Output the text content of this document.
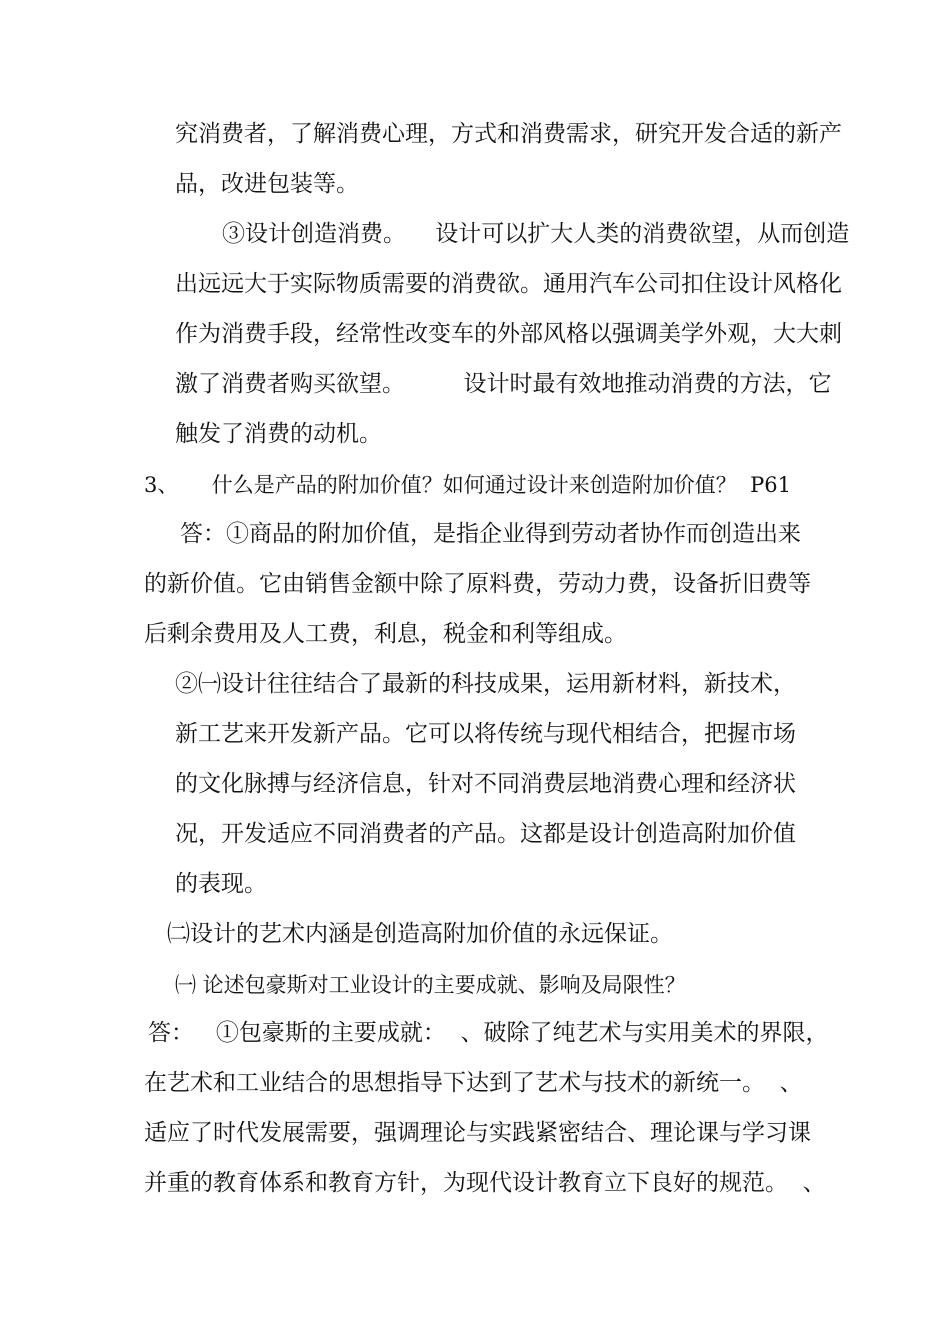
究消费者，了解消费心理，方式和消费需求，研究开发合适的新产
品，改进包装等。
③设计创造消费。    设计可以扩大人类的消费欲望，从而创造
出远远大于实际物质需要的消费欲。通用汽车公司扣住设计风格化
作为消费手段，经常性改变车的外部风格以强调美学外观，大大刺
激了消费者购买欲望。        设计时最有效地推动消费的方法，它
触发了消费的动机。
3、     什么是产品的附加价值？如何通过设计来创造附加价值？  P61
答：①商品的附加价值，是指企业得到劳动者协作而创造出来
的新价值。它由销售金额中除了原料费，劳动力费，设备折旧费等
后剩余费用及人工费，利息，税金和利等组成。
②㈠设计往往结合了最新的科技成果，运用新材料，新技术，
新工艺来开发新产品。它可以将传统与现代相结合，把握市场
的文化脉搏与经济信息，针对不同消费层地消费心理和经济状
况，开发适应不同消费者的产品。这都是设计创造高附加价值
的表现。
㈡设计的艺术内涵是创造高附加价值的永远保证。
㈠ 论述包豪斯对工业设计的主要成就、影响及局限性？
答：   ①包豪斯的主要成就：  、破除了纯艺术与实用美术的界限，
在艺术和工业结合的思想指导下达到了艺术与技术的新统一。  、
适应了时代发展需要，强调理论与实践紧密结合、理论课与学习课
并重的教育体系和教育方针，为现代设计教育立下良好的规范。  、
